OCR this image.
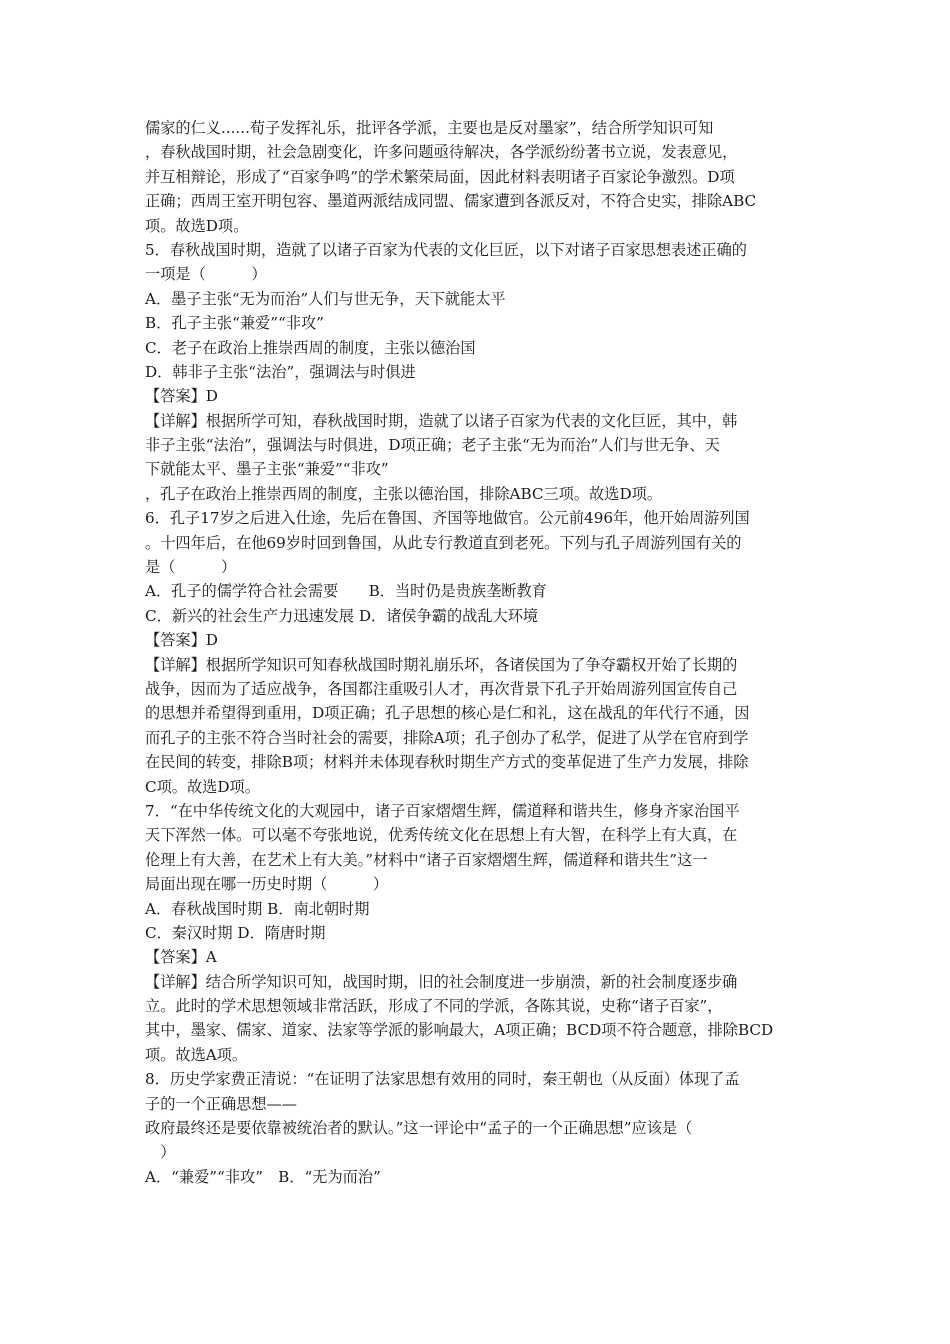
儒家的仁义......荀子发挥礼乐，批评各学派，主要也是反对墨家”，结合所学知识可知
，春秋战国时期，社会急剧变化，许多问题亟待解决，各学派纷纷著书立说，发表意见，
并互相辩论，形成了“百家争鸣”的学术繁荣局面，因此材料表明诸子百家论争激烈。D项
正确；西周王室开明包容、墨道两派结成同盟、儒家遭到各派反对，不符合史实，排除ABC
项。故选D项。
5．春秋战国时期，造就了以诸子百家为代表的文化巨匠，以下对诸子百家思想表述正确的
一项是（　　　）
A．墨子主张“无为而治”人们与世无争，天下就能太平
B．孔子主张“兼爱”“非攻”
C．老子在政治上推崇西周的制度，主张以德治国
D．韩非子主张“法治”，强调法与时俱进
【答案】D
【详解】根据所学可知，春秋战国时期，造就了以诸子百家为代表的文化巨匠，其中，韩
非子主张“法治”，强调法与时俱进，D项正确；老子主张“无为而治”人们与世无争、天
下就能太平、墨子主张“兼爱”“非攻”
，孔子在政治上推崇西周的制度，主张以德治国，排除ABC三项。故选D项。
6．孔子17岁之后进入仕途，先后在鲁国、齐国等地做官。公元前496年，他开始周游列国
。十四年后，在他69岁时回到鲁国，从此专行教道直到老死。下列与孔子周游列国有关的
是（　　　）
A．孔子的儒学符合社会需要　　B．当时仍是贵族垄断教育
C．新兴的社会生产力迅速发展 D．诸侯争霸的战乱大环境
【答案】D
【详解】根据所学知识可知春秋战国时期礼崩乐坏，各诸侯国为了争夺霸权开始了长期的
战争，因而为了适应战争，各国都注重吸引人才，再次背景下孔子开始周游列国宣传自己
的思想并希望得到重用，D项正确；孔子思想的核心是仁和礼，这在战乱的年代行不通，因
而孔子的主张不符合当时社会的需要，排除A项；孔子创办了私学，促进了从学在官府到学
在民间的转变，排除B项；材料并未体现春秋时期生产方式的变革促进了生产力发展，排除
C项。故选D项。
7．“在中华传统文化的大观园中，诸子百家熠熠生辉，儒道释和谐共生，修身齐家治国平
天下浑然一体。可以毫不夸张地说，优秀传统文化在思想上有大智，在科学上有大真，在
伦理上有大善，在艺术上有大美。”材料中“诸子百家熠熠生辉，儒道释和谐共生”这一
局面出现在哪一历史时期（　　　）
A．春秋战国时期 B．南北朝时期
C．秦汉时期 D．隋唐时期
【答案】A
【详解】结合所学知识可知，战国时期，旧的社会制度进一步崩溃，新的社会制度逐步确
立。此时的学术思想领域非常活跃，形成了不同的学派，各陈其说，史称“诸子百家”，
其中，墨家、儒家、道家、法家等学派的影响最大，A项正确；BCD项不符合题意，排除BCD
项。故选A项。
8．历史学家费正清说：“在证明了法家思想有效用的同时，秦王朝也（从反面）体现了孟
子的一个正确思想——
政府最终还是要依靠被统治者的默认。”这一评论中“孟子的一个正确思想”应该是（
　）
A．“兼爱”“非攻”　B．“无为而治”
